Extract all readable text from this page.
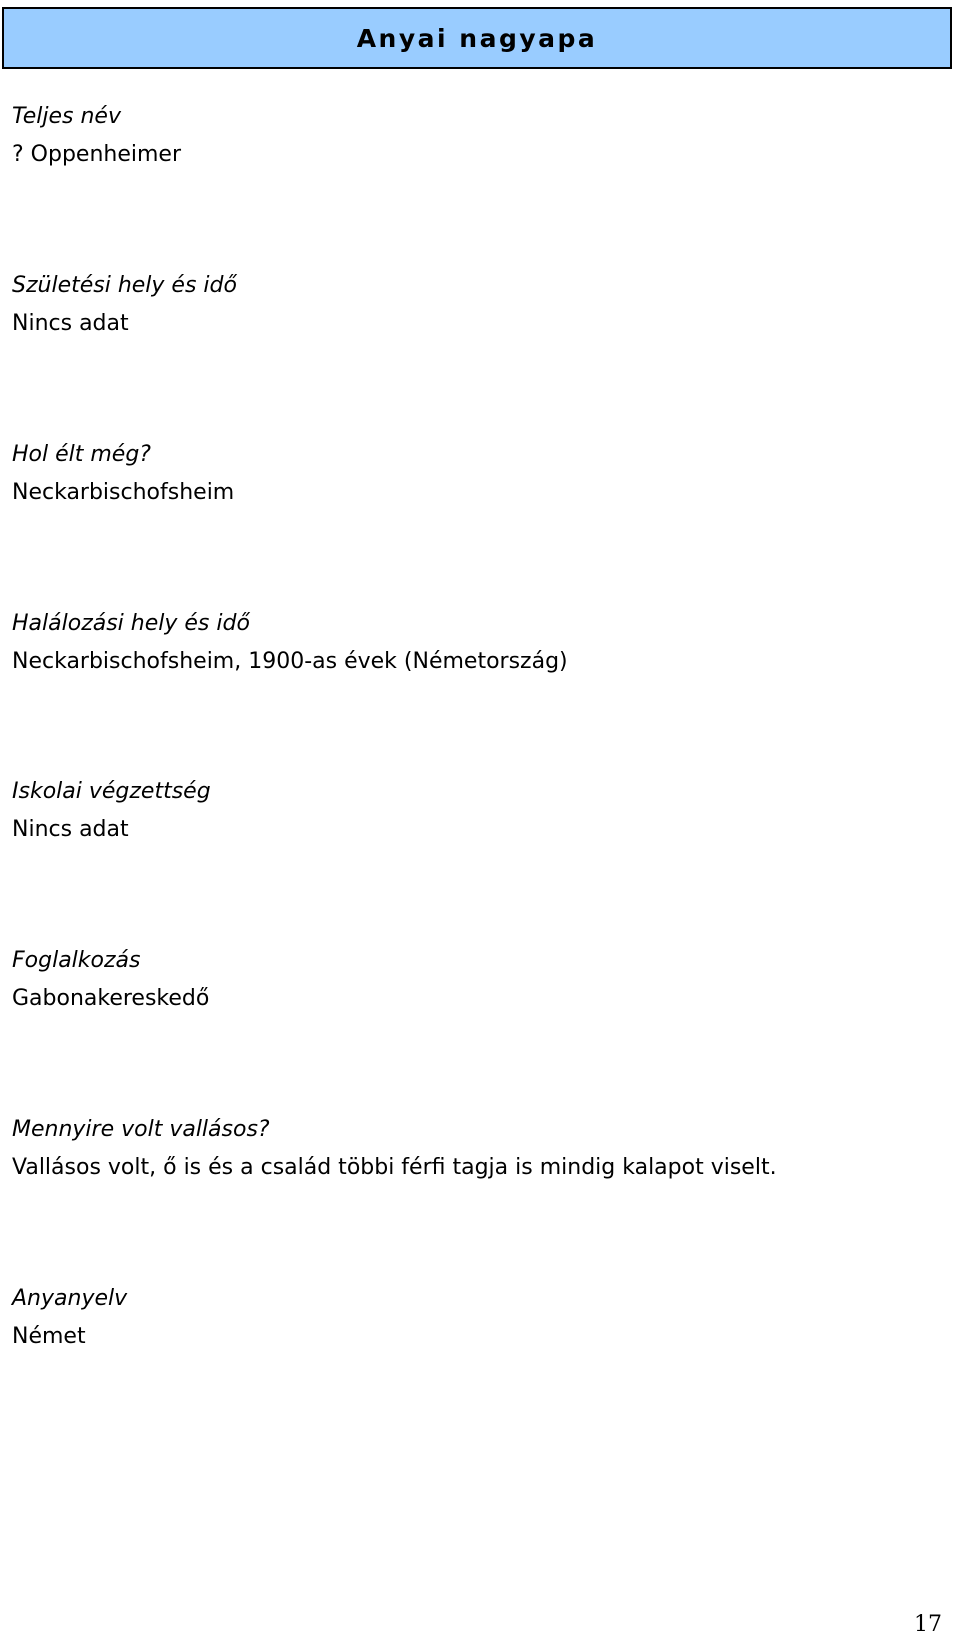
Anyai nagyapa
Teljes név
? Oppenheimer
Születési hely és idő
Nincs adat
Hol élt még?
Neckarbischofsheim
Halálozási hely és idő
Neckarbischofsheim, 1900-as évek (Németország)
Iskolai végzettség
Nincs adat
Foglalkozás
Gabonakereskedő
Mennyire volt vallásos?
Vallásos volt, ő is és a család többi férfi tagja is mindig kalapot viselt.
Anyanyelv
Német
17
